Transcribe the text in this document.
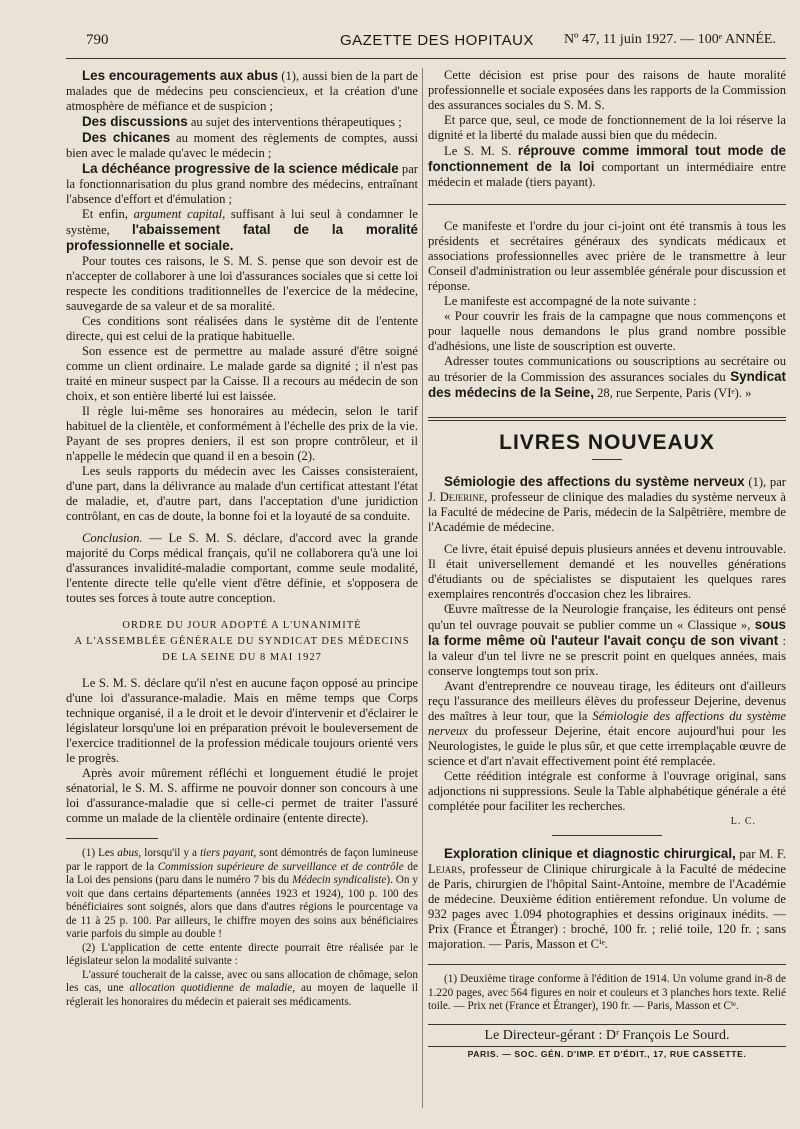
790	GAZETTE DES HOPITAUX Nº 47, 11 juin 1927. — 100ᵉ ANNÉE.

Les encouragements aux abus (1), aussi bien de la part de malades que de médecins peu consciencieux, et la création d'une atmosphère de méfiance et de suspicion ;

Des discussions au sujet des interventions thérapeutiques ;

Des chicanes au moment des règlements de comptes, aussi bien avec le malade qu'avec le médecin ;

La déchéance progressive de la science médicale par la fonctionnarisation du plus grand nombre des médecins, entraînant l'absence d'effort et d'émulation ;

Et enfin, argument capital, suffisant à lui seul à condamner le système, l'abaissement fatal de la moralité professionnelle et sociale.

Pour toutes ces raisons, le S. M. S. pense que son devoir est de n'accepter de collaborer à une loi d'assurances sociales que si cette loi respecte les conditions traditionnelles de l'exercice de la médecine, sauvegarde de sa valeur et de sa moralité.

Ces conditions sont réalisées dans le système dit de l'entente directe, qui est celui de la pratique habituelle.

Son essence est de permettre au malade assuré d'être soigné comme un client ordinaire. Le malade garde sa dignité ; il n'est pas traité en mineur suspect par la Caisse. Il a recours au médecin de son choix, et son entière liberté lui est laissée.

Il règle lui-même ses honoraires au médecin, selon le tarif habituel de la clientèle, et conformément à l'échelle des prix de la vie. Payant de ses propres deniers, il est son propre contrôleur, et il n'appelle le médecin que quand il en a besoin (2).

Les seuls rapports du médecin avec les Caisses consisteraient, d'une part, dans la délivrance au malade d'un certificat attestant l'état de maladie, et, d'autre part, dans l'acceptation d'une juridiction contrôlant, en cas de doute, la bonne foi et la loyauté de sa conduite.

Conclusion. — Le S. M. S. déclare, d'accord avec la grande majorité du Corps médical français, qu'il ne collaborera qu'à une loi d'assurances invalidité-maladie comportant, comme seule modalité, l'entente directe telle qu'elle vient d'être définie, et s'opposera de toutes ses forces à toute autre conception.

ORDRE DU JOUR ADOPTÉ A L'UNANIMITÉ
A L'ASSEMBLÉE GÉNÉRALE DU SYNDICAT DES MÉDECINS
DE LA SEINE DU 8 MAI 1927

Le S. M. S. déclare qu'il n'est en aucune façon opposé au principe d'une loi d'assurance-maladie. Mais en même temps que Corps technique organisé, il a le droit et le devoir d'intervenir et d'éclairer le législateur lorsqu'une loi en préparation prévoit le bouleversement de l'exercice traditionnel de la profession médicale toujours orienté vers le progrès.

Après avoir mûrement réfléchi et longuement étudié le projet sénatorial, le S. M. S. affirme ne pouvoir donner son concours à une loi d'assurance-maladie que si celle-ci permet de traiter l'assuré comme un malade de la clientèle ordinaire (entente directe).

(1) Les abus, lorsqu'il y a tiers payant, sont démontrés de façon lumineuse par le rapport de la Commission supérieure de surveillance et de contrôle de la Loi des pensions (paru dans le numéro 7 bis du Médecin syndicaliste). On y voit que dans certains départements (années 1923 et 1924), 100 p. 100 des bénéficiaires sont soignés, alors que dans d'autres régions le pourcentage va de 11 à 25 p. 100. Par ailleurs, le chiffre moyen des soins aux bénéficiaires varie parfois du simple au double !

(2) L'application de cette entente directe pourrait être réalisée par le législateur selon la modalité suivante :

L'assuré toucherait de la caisse, avec ou sans allocation de chômage, selon les cas, une allocation quotidienne de maladie, au moyen de laquelle il réglerait les honoraires du médecin et paierait ses médicaments.

Cette décision est prise pour des raisons de haute moralité professionnelle et sociale exposées dans les rapports de la Commission des assurances sociales du S. M. S.

Et parce que, seul, ce mode de fonctionnement de la loi réserve la dignité et la liberté du malade aussi bien que du médecin.

Le S. M. S. réprouve comme immoral tout mode de fonctionnement de la loi comportant un intermédiaire entre médecin et malade (tiers payant).

Ce manifeste et l'ordre du jour ci-joint ont été transmis à tous les présidents et secrétaires généraux des syndicats médicaux et associations professionnelles avec prière de le transmettre à leur Conseil d'administration ou leur assemblée générale pour discussion et réponse.

Le manifeste est accompagné de la note suivante :

« Pour couvrir les frais de la campagne que nous commençons et pour laquelle nous demandons le plus grand nombre possible d'adhésions, une liste de souscription est ouverte.

Adresser toutes communications ou souscriptions au secrétaire ou au trésorier de la Commission des assurances sociales du Syndicat des médecins de la Seine, 28, rue Serpente, Paris (VIᵉ). »

LIVRES NOUVEAUX

Sémiologie des affections du système nerveux (1), par J. Dejerine, professeur de clinique des maladies du système nerveux à la Faculté de médecine de Paris, médecin de la Salpêtrière, membre de l'Académie de médecine.

Ce livre, était épuisé depuis plusieurs années et devenu introuvable. Il était universellement demandé et les nouvelles générations d'étudiants ou de spécialistes se disputaient les quelques rares exemplaires rencontrés d'occasion chez les libraires.

Œuvre maîtresse de la Neurologie française, les éditeurs ont pensé qu'un tel ouvrage pouvait se publier comme un « Classique », sous la forme même où l'auteur l'avait conçu de son vivant : la valeur d'un tel livre ne se prescrit point en quelques années, mais conserve longtemps tout son prix.

Avant d'entreprendre ce nouveau tirage, les éditeurs ont d'ailleurs reçu l'assurance des meilleurs élèves du professeur Dejerine, devenus des maîtres à leur tour, que la Sémiologie des affections du système nerveux du professeur Dejerine, était encore aujourd'hui pour les Neurologistes, le guide le plus sûr, et que cette irremplaçable œuvre de science et d'art n'avait effectivement point été remplacée.

Cette réédition intégrale est conforme à l'ouvrage original, sans adjonctions ni suppressions. Seule la Table alphabétique générale a été complétée pour faciliter les recherches.

L. C.

Exploration clinique et diagnostic chirurgical, par M. F. Lejars, professeur de Clinique chirurgicale à la Faculté de médecine de Paris, chirurgien de l'hôpital Saint-Antoine, membre de l'Académie de médecine. Deuxième édition entièrement refondue. Un volume de 932 pages avec 1.094 photographies et dessins originaux inédits. — Prix (France et Étranger) : broché, 100 fr. ; relié toile, 120 fr. ; sans majoration. — Paris, Masson et Cⁱᵉ.

(1) Deuxième tirage conforme à l'édition de 1914. Un volume grand in-8 de 1.220 pages, avec 564 figures en noir et couleurs et 3 planches hors texte. Relié toile. — Prix net (France et Étranger), 190 fr. — Paris, Masson et Cⁱᵉ.

Le Directeur-gérant : Dʳ François Le Sourd.
PARIS. — SOC. GÉN. D'IMP. ET D'ÉDIT., 17, RUE CASSETTE.
